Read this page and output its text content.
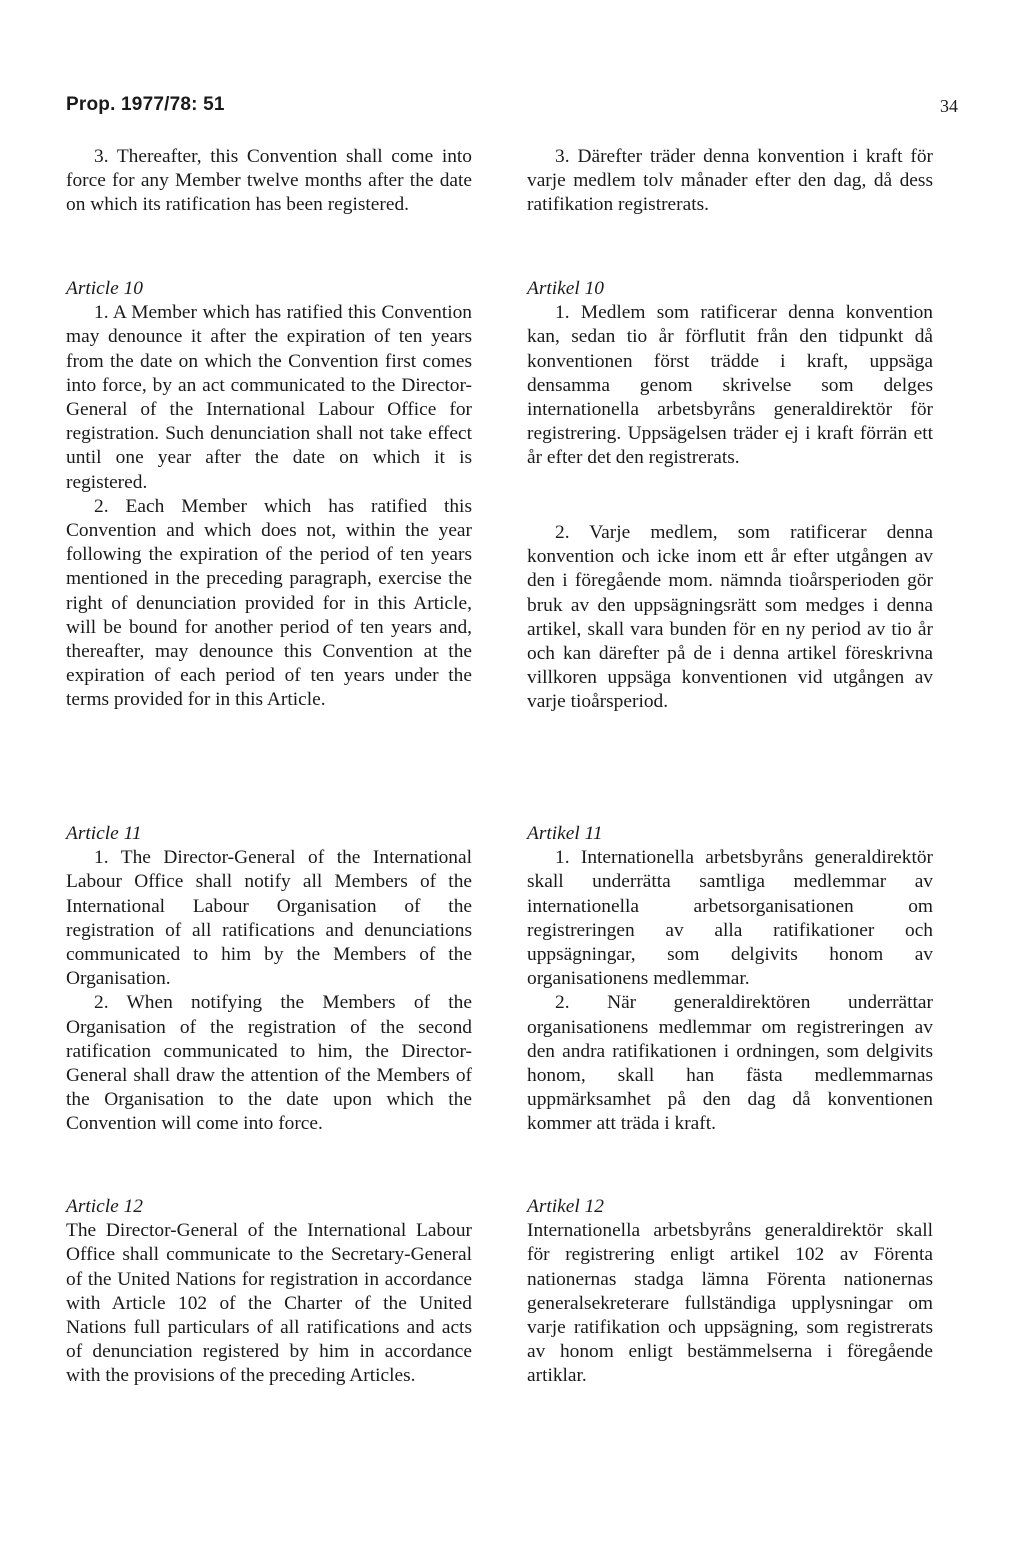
Prop. 1977/78: 51	34

3. Thereafter, this Convention shall come into force for any Member twelve months after the date on which its ratification has been registered.

Article 10

1. A Member which has ratified this Convention may denounce it after the expiration of ten years from the date on which the Convention first comes into force, by an act communicated to the Director-General of the International Labour Office for registration. Such denunciation shall not take effect until one year after the date on which it is registered.

2. Each Member which has ratified this Convention and which does not, within the year following the expiration of the period of ten years mentioned in the preceding paragraph, exercise the right of denunciation provided for in this Article, will be bound for another period of ten years and, thereafter, may denounce this Convention at the expiration of each period of ten years under the terms provided for in this Article.

Article 11

1. The Director-General of the International Labour Office shall notify all Members of the International Labour Organisation of the registration of all ratifications and denunciations communicated to him by the Members of the Organisation.

2. When notifying the Members of the Organisation of the registration of the second ratification communicated to him, the Director-General shall draw the attention of the Members of the Organisation to the date upon which the Convention will come into force.

Article 12

The Director-General of the International Labour Office shall communicate to the Secretary-General of the United Nations for registration in accordance with Article 102 of the Charter of the United Nations full particulars of all ratifications and acts of denunciation registered by him in accordance with the provisions of the preceding Articles.

3. Därefter träder denna konvention i kraft för varje medlem tolv månader efter den dag, då dess ratifikation registrerats.

Artikel 10

1. Medlem som ratificerar denna konvention kan, sedan tio år förflutit från den tidpunkt då konventionen först trädde i kraft, uppsäga densamma genom skrivelse som delges internationella arbetsbyråns generaldirektör för registrering. Uppsägelsen träder ej i kraft förrän ett år efter det den registrerats.

2. Varje medlem, som ratificerar denna konvention och icke inom ett år efter utgången av den i föregående mom. nämnda tioårsperioden gör bruk av den uppsägningsrätt som medges i denna artikel, skall vara bunden för en ny period av tio år och kan därefter på de i denna artikel föreskrivna villkoren uppsäga konventionen vid utgången av varje tioårsperiod.

Artikel 11

1. Internationella arbetsbyråns generaldirektör skall underrätta samtliga medlemmar av internationella arbetsorganisationen om registreringen av alla ratifikationer och uppsägningar, som delgivits honom av organisationens medlemmar.

2. När generaldirektören underrättar organisationens medlemmar om registreringen av den andra ratifikationen i ordningen, som delgivits honom, skall han fästa medlemmarnas uppmärksamhet på den dag då konventionen kommer att träda i kraft.

Artikel 12

Internationella arbetsbyråns generaldirektör skall för registrering enligt artikel 102 av Förenta nationernas stadga lämna Förenta nationernas generalsekreterare fullständiga upplysningar om varje ratifikation och uppsägning, som registrerats av honom enligt bestämmelserna i föregående artiklar.
